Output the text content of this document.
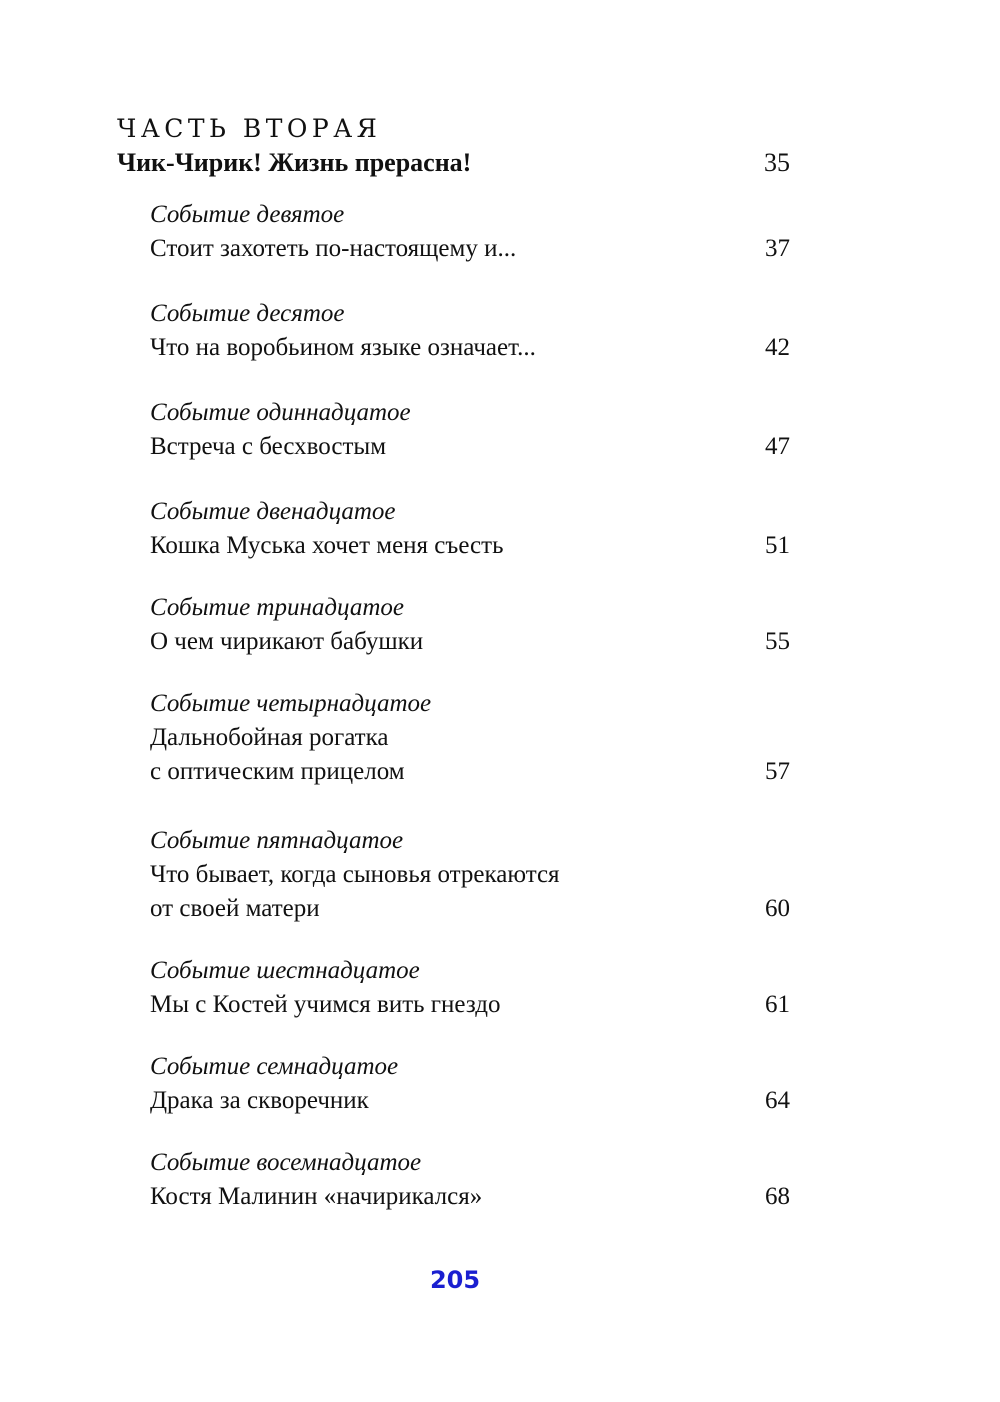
ЧАСТЬ ВТОРАЯ
Чик-Чирик! Жизнь прерасна!	35
Событие девятое
Стоит захотеть по-настоящему и...	37
Событие десятое
Что на воробьином языке означает...	42
Событие одиннадцатое
Встреча с бесхвостым	47
Событие двенадцатое
Кошка Муська хочет меня съесть	51
Событие тринадцатое
О чем чирикают бабушки	55
Событие четырнадцатое
Дальнобойная рогатка
с оптическим прицелом	57
Событие пятнадцатое
Что бывает, когда сыновья отрекаются
от своей матери	60
Событие шестнадцатое
Мы с Костей учимся вить гнездо	61
Событие семнадцатое
Драка за скворечник	64
Событие восемнадцатое
Костя Малинин «начирикался»	68
205
